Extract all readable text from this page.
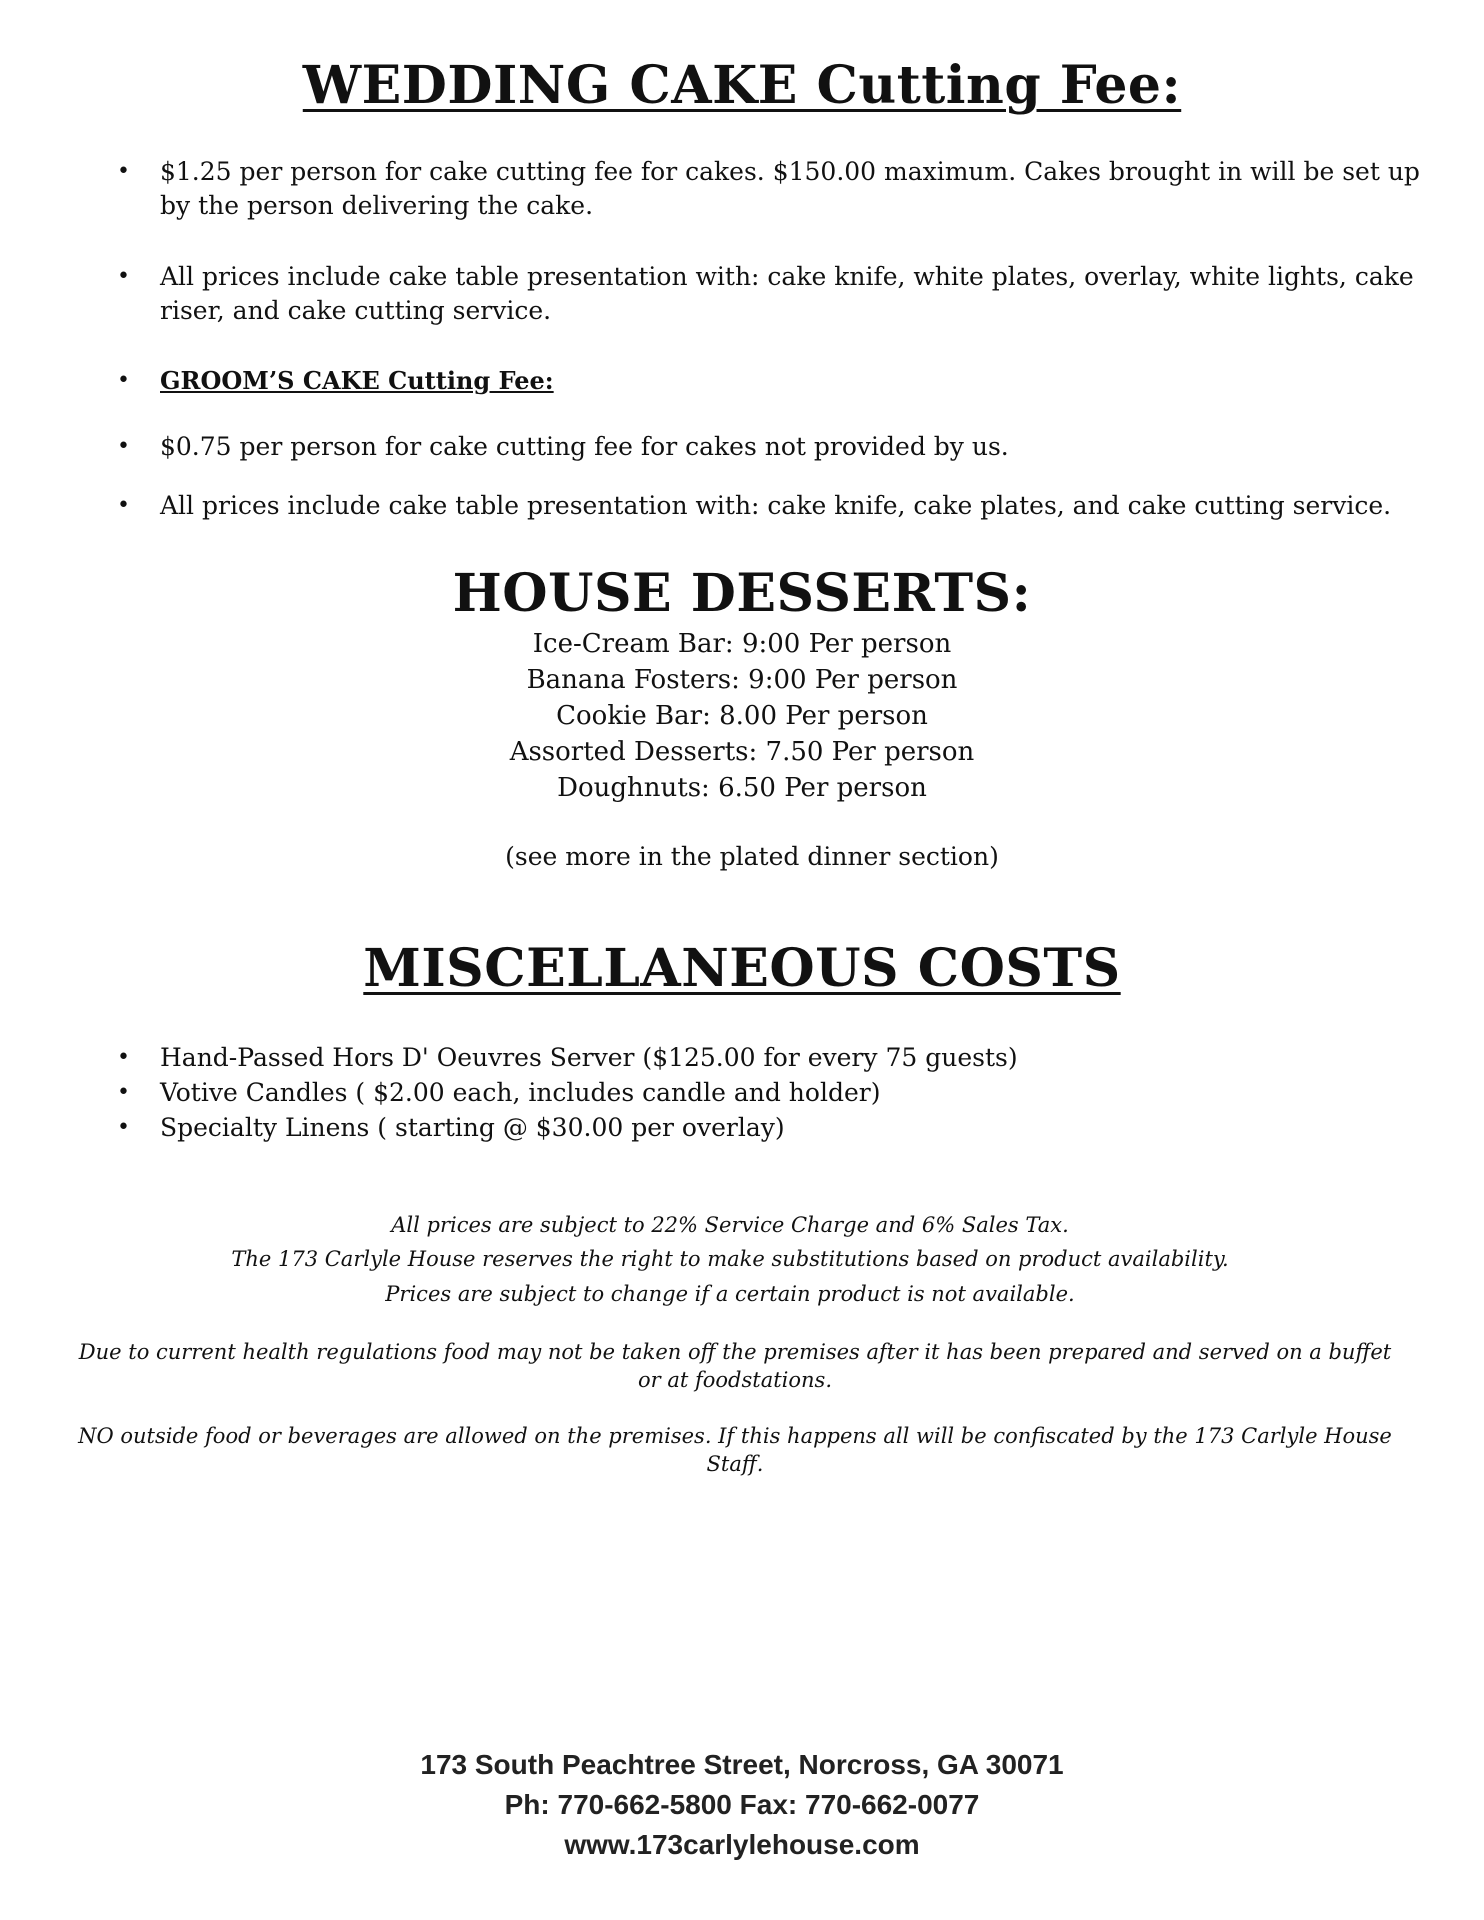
WEDDING CAKE Cutting Fee:
• $1.25 per person for cake cutting fee for cakes. $150.00 maximum. Cakes brought in will be set up by the person delivering the cake.
• All prices include cake table presentation with: cake knife, white plates, overlay, white lights, cake riser, and cake cutting service.
• GROOM’S CAKE Cutting Fee:
• $0.75 per person for cake cutting fee for cakes not provided by us.
• All prices include cake table presentation with: cake knife, cake plates, and cake cutting service.
HOUSE DESSERTS:
Ice-Cream Bar: 9:00 Per person
Banana Fosters: 9:00 Per person
Cookie Bar: 8.00 Per person
Assorted Desserts: 7.50 Per person
Doughnuts: 6.50 Per person
(see more in the plated dinner section)
MISCELLANEOUS COSTS
• Hand-Passed Hors D' Oeuvres Server ($125.00 for every 75 guests)
• Votive Candles ( $2.00 each, includes candle and holder)
• Specialty Linens ( starting @ $30.00 per overlay)
All prices are subject to 22% Service Charge and 6% Sales Tax.
The 173 Carlyle House reserves the right to make substitutions based on product availability.
Prices are subject to change if a certain product is not available.
Due to current health regulations food may not be taken off the premises after it has been prepared and served on a buffet or at foodstations.
NO outside food or beverages are allowed on the premises. If this happens all will be confiscated by the 173 Carlyle House Staff.
173 South Peachtree Street, Norcross, GA 30071
Ph: 770-662-5800 Fax: 770-662-0077
www.173carlylehouse.com
